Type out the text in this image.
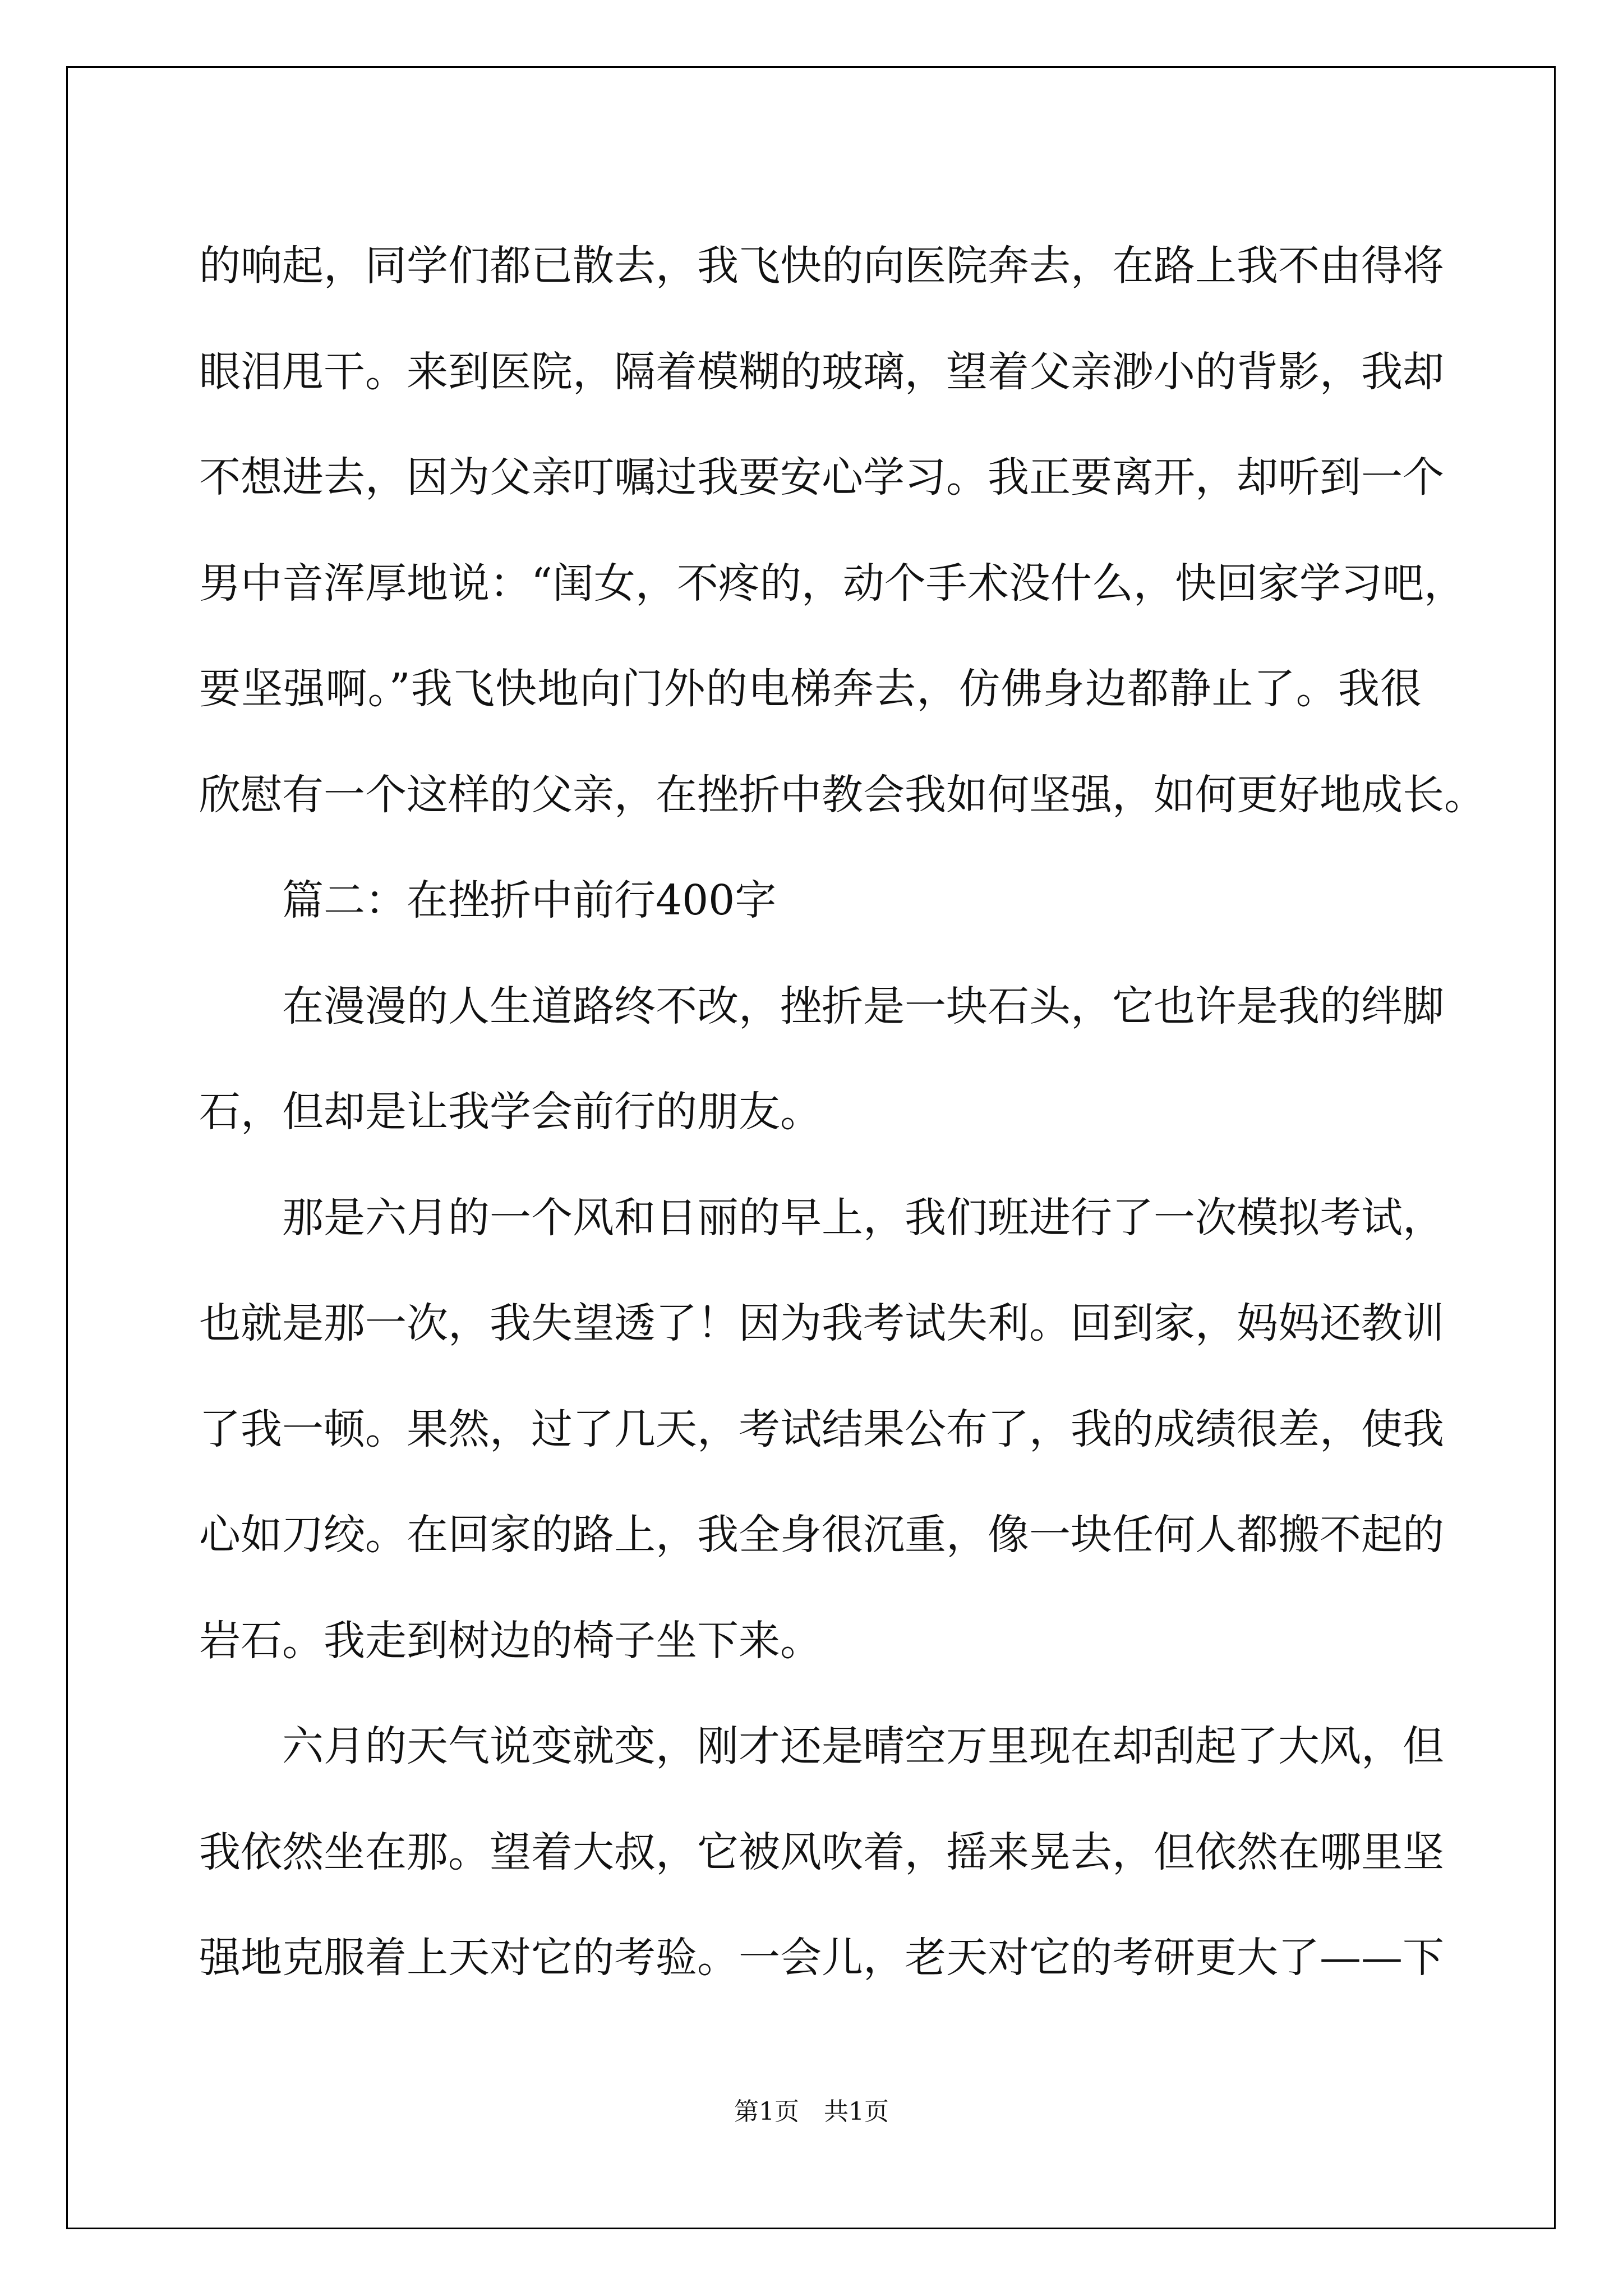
的响起，同学们都已散去，我飞快的向医院奔去，在路上我不由得将
眼泪甩干。来到医院，隔着模糊的玻璃，望着父亲渺小的背影，我却
不想进去，因为父亲叮嘱过我要安心学习。我正要离开，却听到一个
男中音浑厚地说：“闺女，不疼的，动个手术没什么，快回家学习吧，
要坚强啊。”我飞快地向门外的电梯奔去，仿佛身边都静止了。我很
欣慰有一个这样的父亲，在挫折中教会我如何坚强，如何更好地成长。
篇二：在挫折中前行400字
在漫漫的人生道路终不改，挫折是一块石头，它也许是我的绊脚
石，但却是让我学会前行的朋友。
那是六月的一个风和日丽的早上，我们班进行了一次模拟考试，
也就是那一次，我失望透了！因为我考试失利。回到家，妈妈还教训
了我一顿。果然，过了几天，考试结果公布了，我的成绩很差，使我
心如刀绞。在回家的路上，我全身很沉重，像一块任何人都搬不起的
岩石。我走到树边的椅子坐下来。
六月的天气说变就变，刚才还是晴空万里现在却刮起了大风，但
我依然坐在那。望着大叔，它被风吹着，摇来晃去，但依然在哪里坚
强地克服着上天对它的考验。一会儿，老天对它的考研更大了——下
第1页　共1页
